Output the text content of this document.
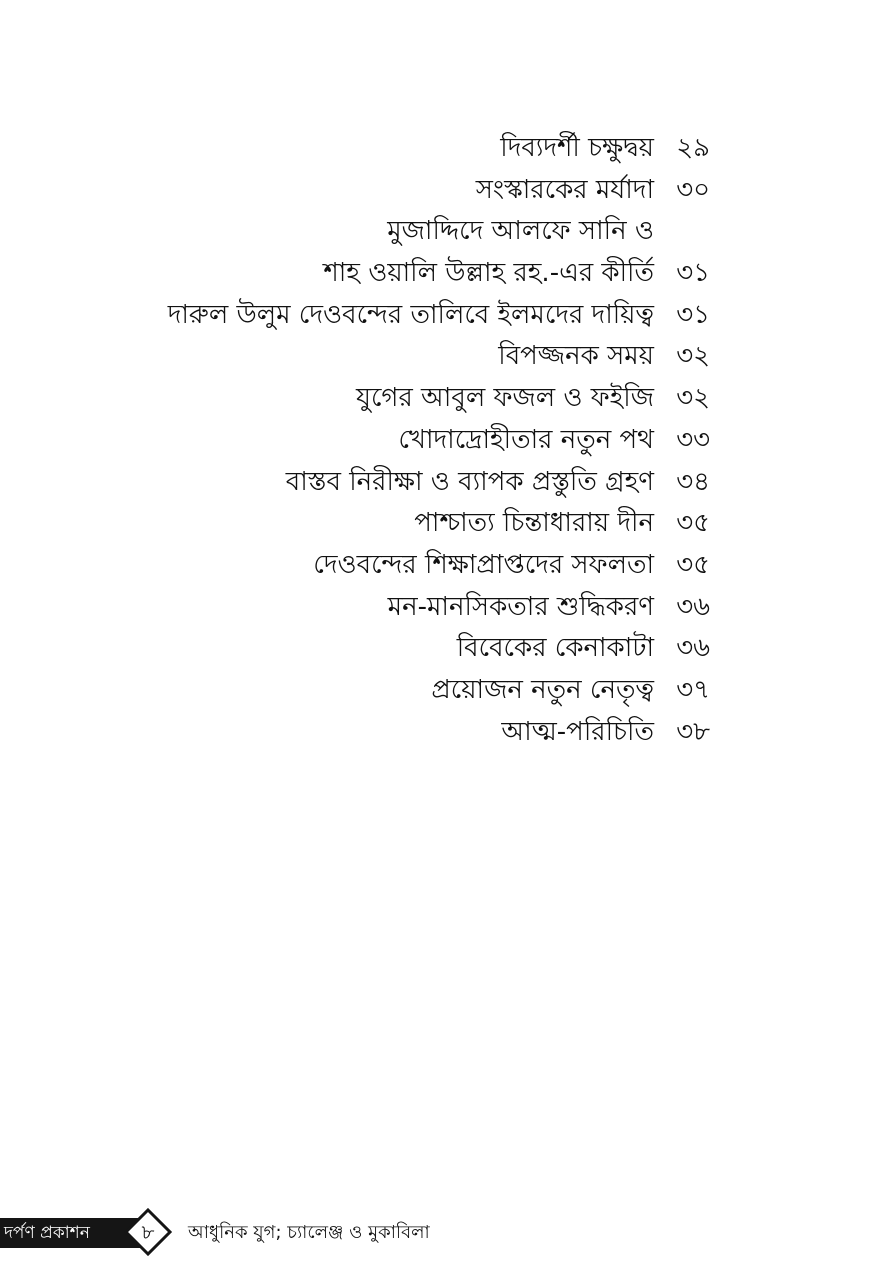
দিব্যদর্শী চক্ষুদ্বয় ২৯
সংস্কারকের মর্যাদা ৩০
মুজাদ্দিদে আলফে সানি ও
শাহ ওয়ালি উল্লাহ রহ.-এর কীর্তি ৩১
দারুল উলুম দেওবন্দের তালিবে ইলমদের দায়িত্ব ৩১
বিপজ্জনক সময় ৩২
যুগের আবুল ফজল ও ফইজি ৩২
খোদাদ্রোহীতার নতুন পথ ৩৩
বাস্তব নিরীক্ষা ও ব্যাপক প্রস্তুতি গ্রহণ ৩৪
পাশ্চাত্য চিন্তাধারায় দীন ৩৫
দেওবন্দের শিক্ষাপ্রাপ্তদের সফলতা ৩৫
মন-মানসিকতার শুদ্ধিকরণ ৩৬
বিবেকের কেনাকাটা ৩৬
প্রয়োজন নতুন নেতৃত্ব ৩৭
আত্ম-পরিচিতি ৩৮
দর্পণ প্রকাশন	৮	আধুনিক যুগ; চ্যালেঞ্জ ও মুকাবিলা
